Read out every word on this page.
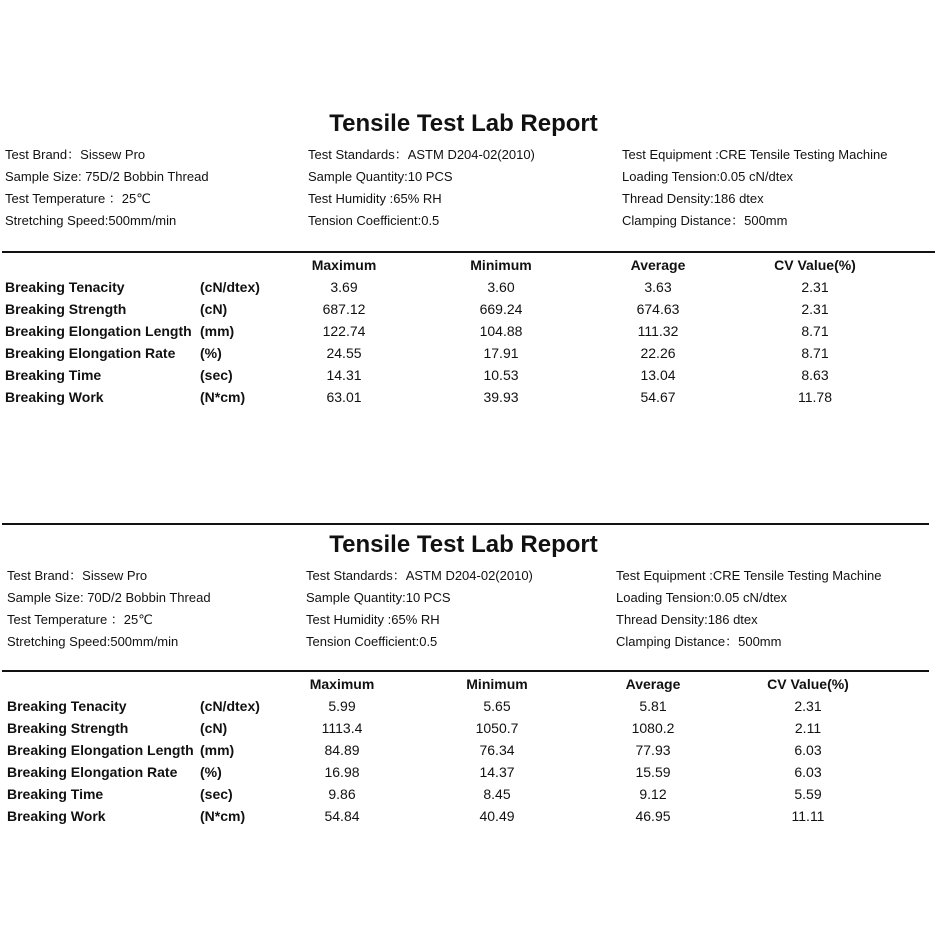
Tensile Test Lab Report
Test Brand：Sissew Pro
Sample Size: 75D/2 Bobbin Thread
Test Temperature ：25℃
Stretching Speed:500mm/min
Test Standards：ASTM D204-02(2010)
Sample Quantity:10 PCS
Test Humidity :65% RH
Tension Coefficient:0.5
Test Equipment :CRE Tensile Testing Machine
Loading Tension:0.05 cN/dtex
Thread Density:186 dtex
Clamping Distance：500mm
Maximum	Minimum	Average	CV Value(%)
Breaking Tenacity	(cN/dtex)	3.69	3.60	3.63	2.31
Breaking Strength	(cN)	687.12	669.24	674.63	2.31
Breaking Elongation Length (mm)	122.74	104.88	111.32	8.71
Breaking Elongation Rate (%)	24.55	17.91	22.26	8.71
Breaking Time	(sec)	14.31	10.53	13.04	8.63
Breaking Work	(N*cm)	63.01	39.93	54.67	11.78
Tensile Test Lab Report
Test Brand：Sissew Pro
Sample Size: 70D/2 Bobbin Thread
Test Temperature ：25℃
Stretching Speed:500mm/min
Test Standards：ASTM D204-02(2010)
Sample Quantity:10 PCS
Test Humidity :65% RH
Tension Coefficient:0.5
Test Equipment :CRE Tensile Testing Machine
Loading Tension:0.05 cN/dtex
Thread Density:186 dtex
Clamping Distance：500mm
Maximum	Minimum	Average	CV Value(%)
Breaking Tenacity	(cN/dtex)	5.99	5.65	5.81	2.31
Breaking Strength	(cN)	1113.4	1050.7	1080.2	2.11
Breaking Elongation Length (mm)	84.89	76.34	77.93	6.03
Breaking Elongation Rate (%)	16.98	14.37	15.59	6.03
Breaking Time	(sec)	9.86	8.45	9.12	5.59
Breaking Work	(N*cm)	54.84	40.49	46.95	11.11
